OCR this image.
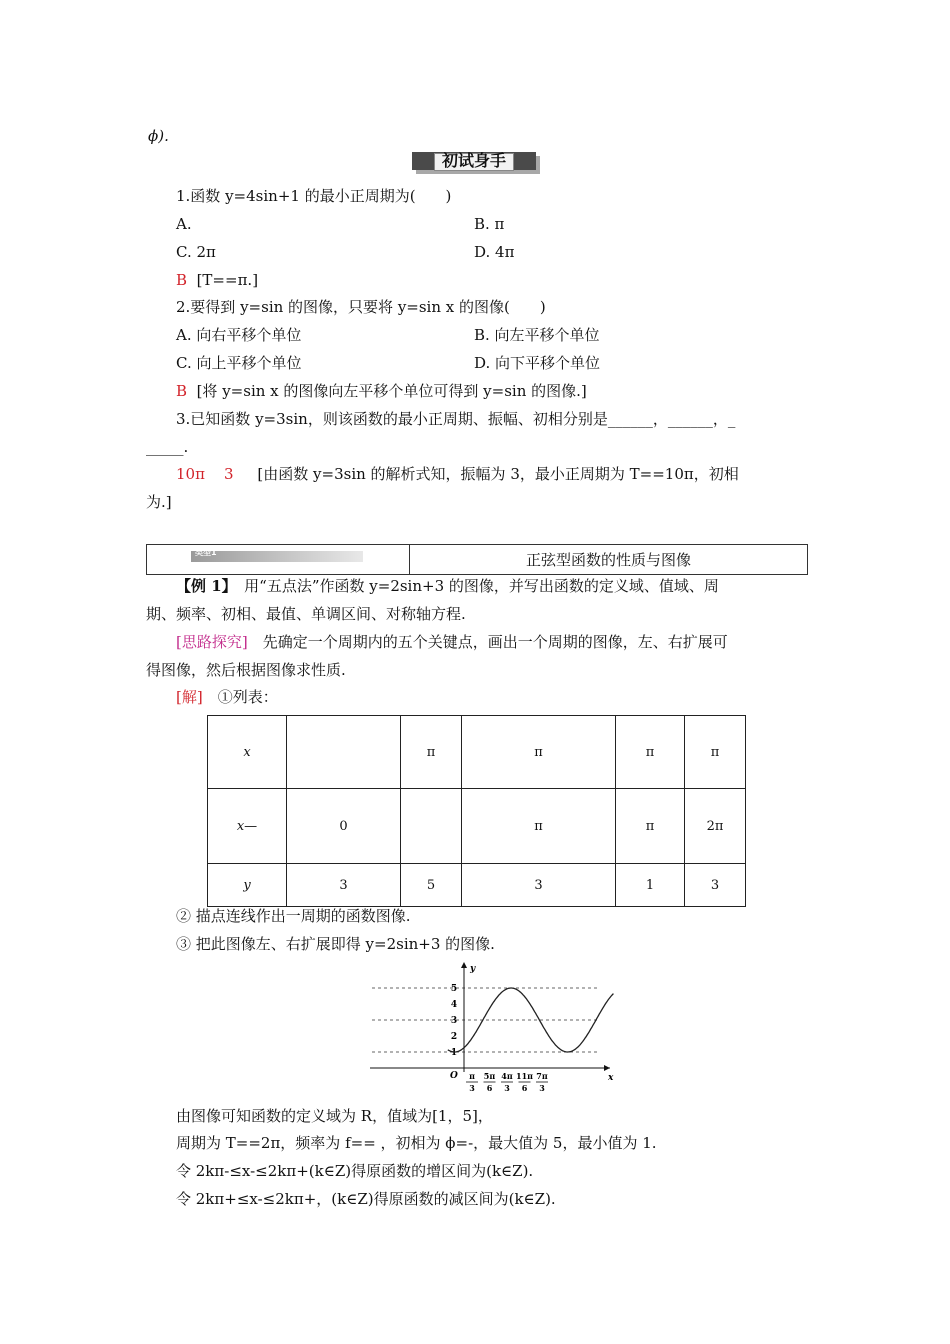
ϕ).
初试身手
1.函数 y=4sin+1 的最小正周期为(　　)
A.	B. π
C. 2π	D. 4π
B [T==π.]
2.要得到 y=sin 的图像，只要将 y=sin x 的图像(　　)
A. 向右平移个单位	B. 向左平移个单位
C. 向上平移个单位	D. 向下平移个单位
B [将 y=sin x 的图像向左平移个单位可得到 y=sin 的图像.]
3.已知函数 y=3sin，则该函数的最小正周期、振幅、初相分别是______，______，_
_____.
10π 3 [由函数 y=3sin 的解析式知，振幅为 3，最小正周期为 T==10π，初相
为.]
类型1	正弦型函数的性质与图像
【例 1】　用“五点法”作函数 y=2sin+3 的图像，并写出函数的定义域、值域、周
期、频率、初相、最值、单调区间、对称轴方程.
[思路探究]　先确定一个周期内的五个关键点，画出一个周期的图像，左、右扩展可
得图像，然后根据图像求性质.
[解]　①列表：
x		π	π	π	π
x—	0		π	π	2π
y	3	5	3	1	3
② 描点连线作出一周期的函数图像.
③ 把此图像左、右扩展即得 y=2sin+3 的图像.
y
x
O
5
4
3
2
1
π
3
5π
6
4π
3
11π
6
7π
3
由图像可知函数的定义域为 R，值域为[1，5]，
周期为 T==2π，频率为 f== ，初相为 ϕ=-，最大值为 5，最小值为 1.
令 2kπ-≤x-≤2kπ+(k∈Z)得原函数的增区间为(k∈Z).
令 2kπ+≤x-≤2kπ+，(k∈Z)得原函数的减区间为(k∈Z).
